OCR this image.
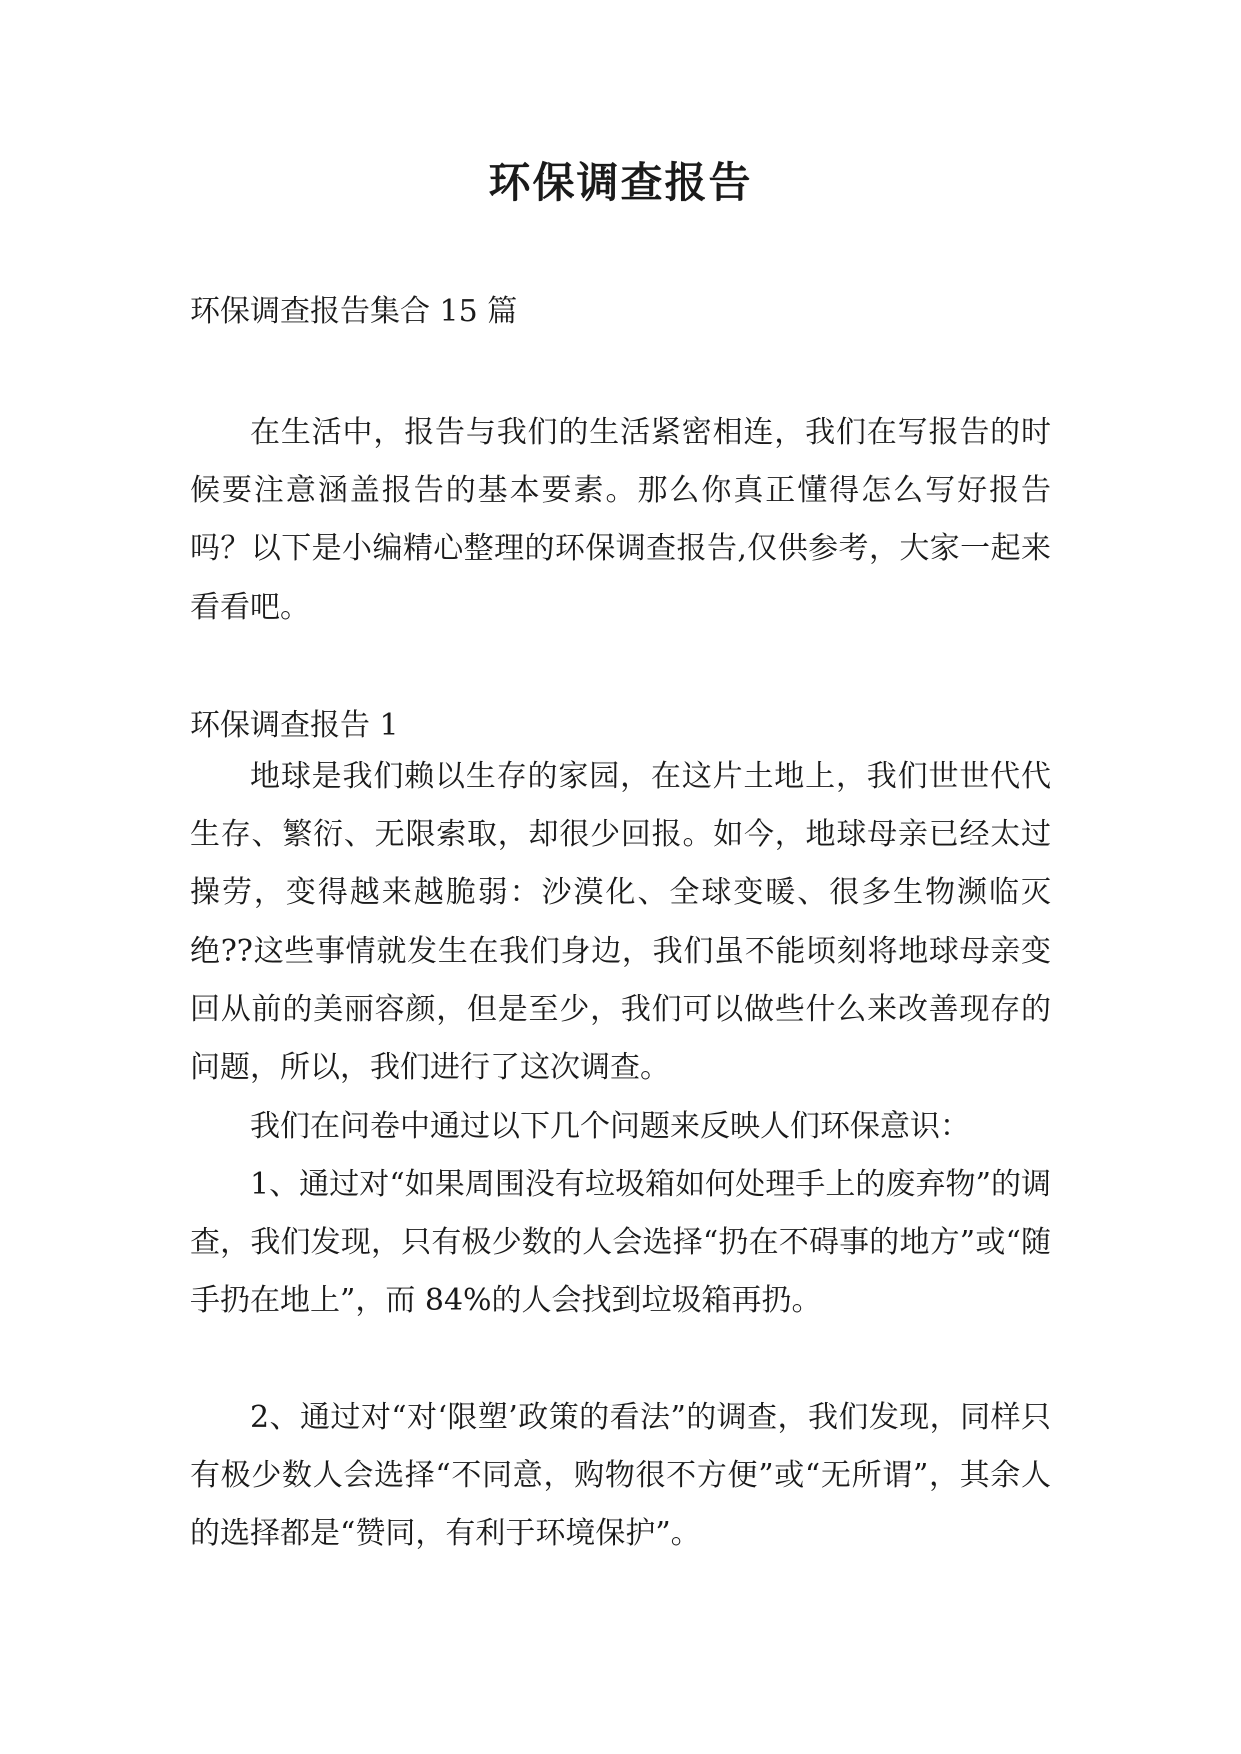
环保调查报告
环保调查报告集合 15 篇

在生活中，报告与我们的生活紧密相连，我们在写报告的时候要注意涵盖报告的基本要素。那么你真正懂得怎么写好报告吗？以下是小编精心整理的环保调查报告,仅供参考，大家一起来看看吧。

环保调查报告 1

地球是我们赖以生存的家园，在这片土地上，我们世世代代生存、繁衍、无限索取，却很少回报。如今，地球母亲已经太过操劳，变得越来越脆弱：沙漠化、全球变暖、很多生物濒临灭绝??这些事情就发生在我们身边，我们虽不能顷刻将地球母亲变回从前的美丽容颜，但是至少，我们可以做些什么来改善现存的问题，所以，我们进行了这次调查。

我们在问卷中通过以下几个问题来反映人们环保意识：

1、通过对“如果周围没有垃圾箱如何处理手上的废弃物”的调查，我们发现，只有极少数的人会选择“扔在不碍事的地方”或“随手扔在地上”，而 84%的人会找到垃圾箱再扔。

2、通过对“对‘限塑’政策的看法”的调查，我们发现，同样只有极少数人会选择“不同意，购物很不方便”或“无所谓”，其余人的选择都是“赞同，有利于环境保护”。
